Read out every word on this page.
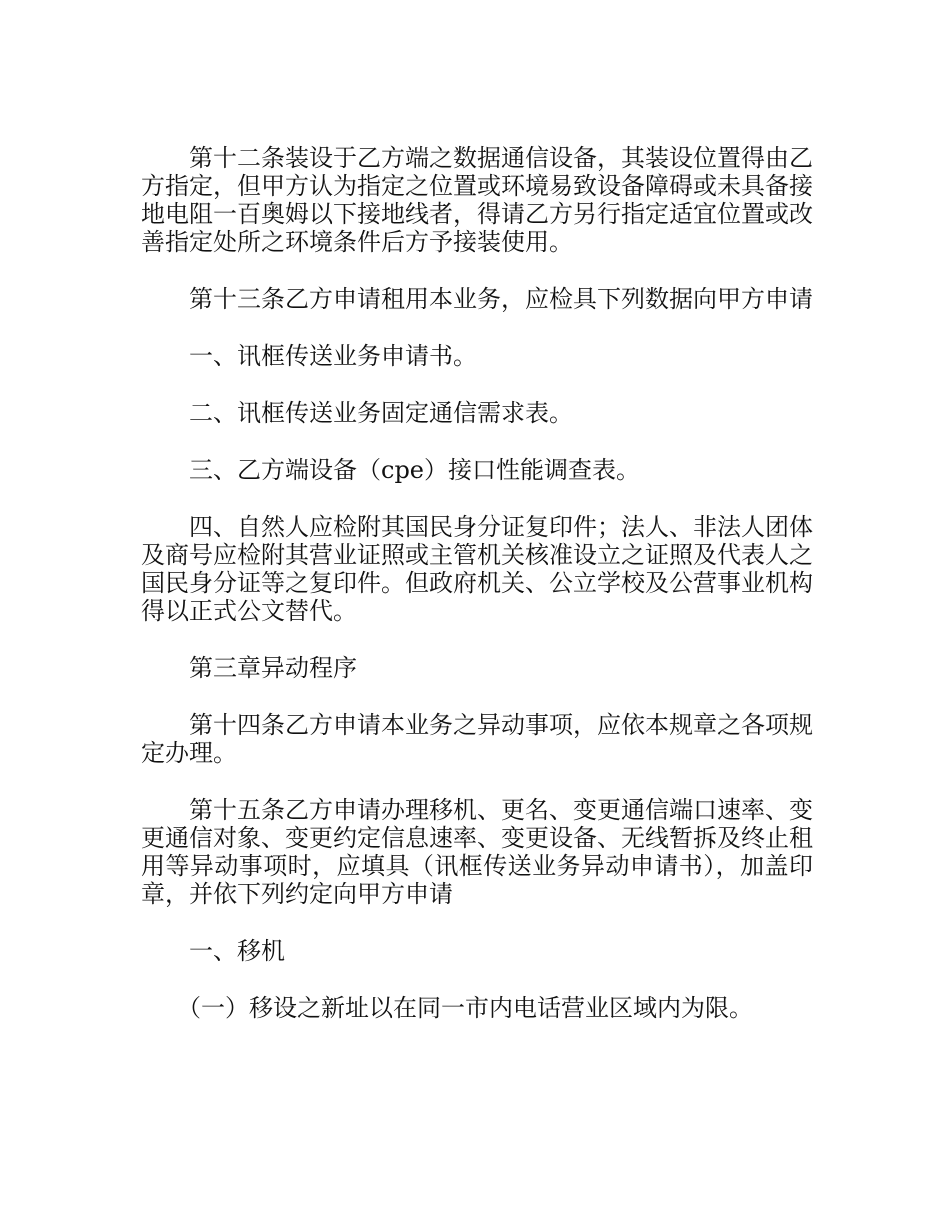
第十二条装设于乙方端之数据通信设备，其装设位置得由乙方指定，但甲方认为指定之位置或环境易致设备障碍或未具备接地电阻一百奥姆以下接地线者，得请乙方另行指定适宜位置或改善指定处所之环境条件后方予接装使用。

第十三条乙方申请租用本业务，应检具下列数据向甲方申请

一、讯框传送业务申请书。

二、讯框传送业务固定通信需求表。

三、乙方端设备（cpe）接口性能调查表。

四、自然人应检附其国民身分证复印件；法人、非法人团体及商号应检附其营业证照或主管机关核准设立之证照及代表人之国民身分证等之复印件。但政府机关、公立学校及公营事业机构得以正式公文替代。

第三章异动程序

第十四条乙方申请本业务之异动事项，应依本规章之各项规定办理。

第十五条乙方申请办理移机、更名、变更通信端口速率、变更通信对象、变更约定信息速率、变更设备、无线暂拆及终止租用等异动事项时，应填具（讯框传送业务异动申请书），加盖印章，并依下列约定向甲方申请

一、移机

（一）移设之新址以在同一市内电话营业区域内为限。
